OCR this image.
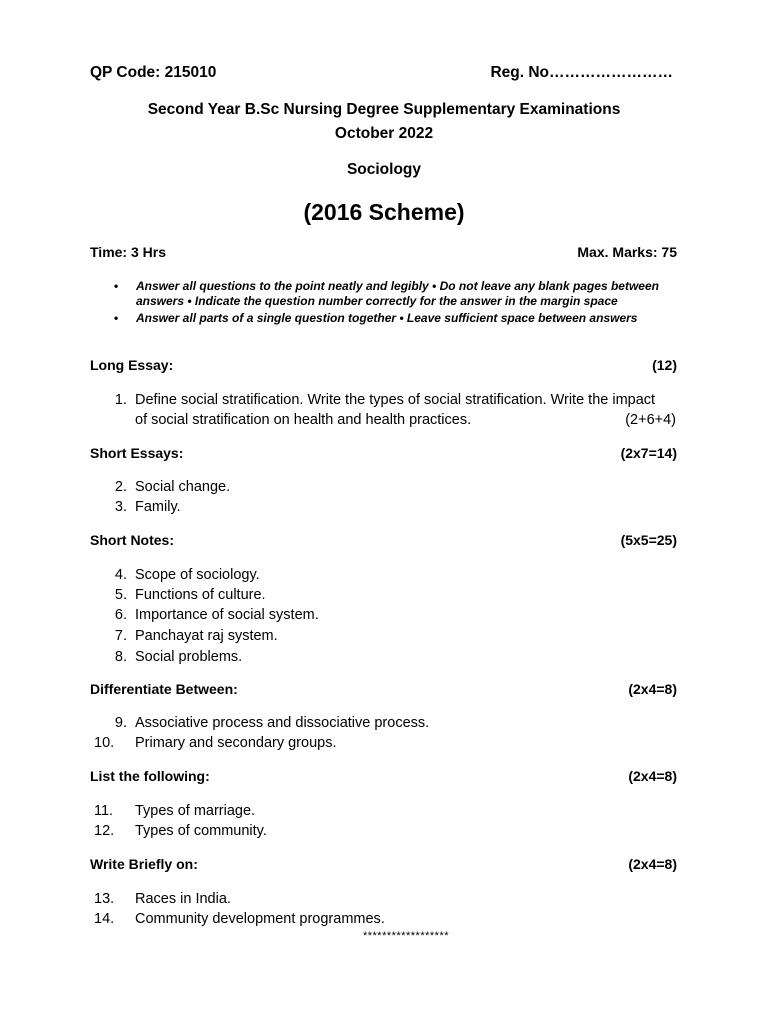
QP Code: 215010	Reg. No……………………
Second Year B.Sc Nursing Degree Supplementary Examinations
October 2022
Sociology
(2016 Scheme)
Time: 3 Hrs	Max. Marks: 75
• Answer all questions to the point neatly and legibly • Do not leave any blank pages between answers • Indicate the question number correctly for the answer in the margin space
• Answer all parts of a single question together • Leave sufficient space between answers
Long Essay:	(12)
1. Define social stratification. Write the types of social stratification. Write the impact
of social stratification on health and health practices.	(2+6+4)
Short Essays:	(2x7=14)
2. Social change.
3. Family.
Short Notes:	(5x5=25)
4. Scope of sociology.
5. Functions of culture.
6. Importance of social system.
7. Panchayat raj system.
8. Social problems.
Differentiate Between:	(2x4=8)
9. Associative process and dissociative process.
10.	Primary and secondary groups.
List the following:	(2x4=8)
11.	Types of marriage.
12.	Types of community.
Write Briefly on:	(2x4=8)
13.	Races in India.
14.	Community development programmes.
******************
